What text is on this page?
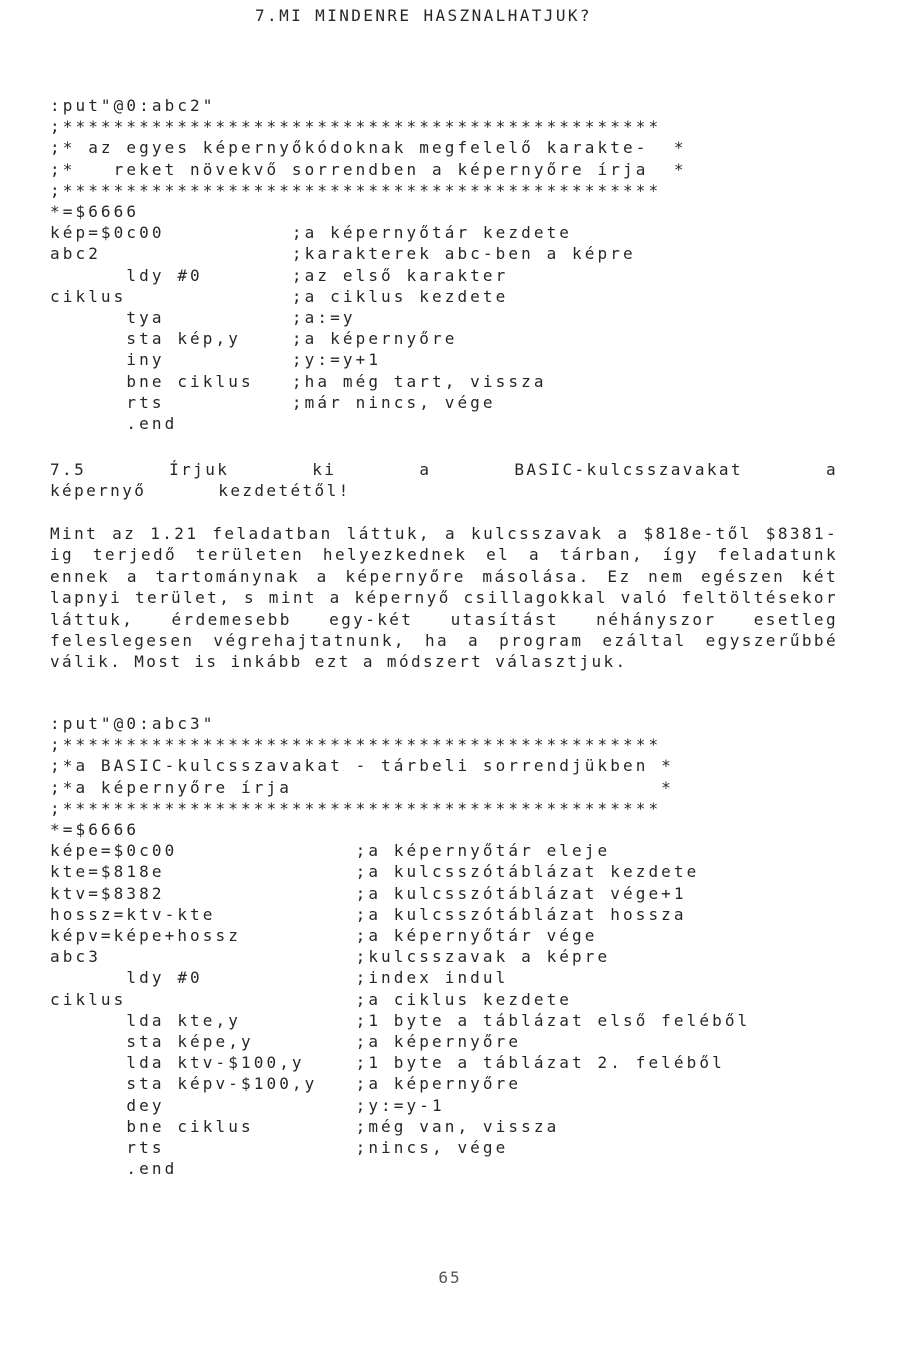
7.MI MINDENRE HASZNALHATJUK?
:put"@0:abc2"
;***********************************************
;* az egyes képernyőkódoknak megfelelő karakte-  *
;*   reket növekvő sorrendben a képernyőre írja  *
;***********************************************
*=$6666
kép=$0c00          ;a képernyőtár kezdete
abc2               ;karakterek abc-ben a képre
ldy #0       ;az első karakter
ciklus             ;a ciklus kezdete
tya          ;a:=y
sta kép,y    ;a képernyőre
iny          ;y:=y+1
bne ciklus   ;ha még tart, vissza
rts          ;már nincs, vége
.end

7.5 Írjuk ki a BASIC-kulcsszavakat a képernyő kezdetétől!

Mint az 1.21 feladatban láttuk, a kulcsszavak a $818e-től $8381-ig terjedő területen helyezkednek el a tárban, így feladatunk ennek a tartománynak a képernyőre másolása. Ez nem egészen két lapnyi terület, s mint a képernyő csillagokkal való feltöltésekor láttuk, érdemesebb egy-két utasítást néhányszor esetleg feleslegesen végrehajtatnunk, ha a program ezáltal egyszerűbbé válik. Most is inkább ezt a módszert választjuk.

:put"@0:abc3"
;***********************************************
;*a BASIC-kulcsszavakat - tárbeli sorrendjükben *
;*a képernyőre írja                             *
;***********************************************
*=$6666
képe=$0c00              ;a képernyőtár eleje
kte=$818e               ;a kulcsszótáblázat kezdete
ktv=$8382               ;a kulcsszótáblázat vége+1
hossz=ktv-kte           ;a kulcsszótáblázat hossza
képv=képe+hossz         ;a képernyőtár vége
abc3                    ;kulcsszavak a képre
ldy #0            ;index indul
ciklus                  ;a ciklus kezdete
lda kte,y         ;1 byte a táblázat első feléből
sta képe,y        ;a képernyőre
lda ktv-$100,y    ;1 byte a táblázat 2. feléből
sta képv-$100,y   ;a képernyőre
dey               ;y:=y-1
bne ciklus        ;még van, vissza
rts               ;nincs, vége
.end
65
